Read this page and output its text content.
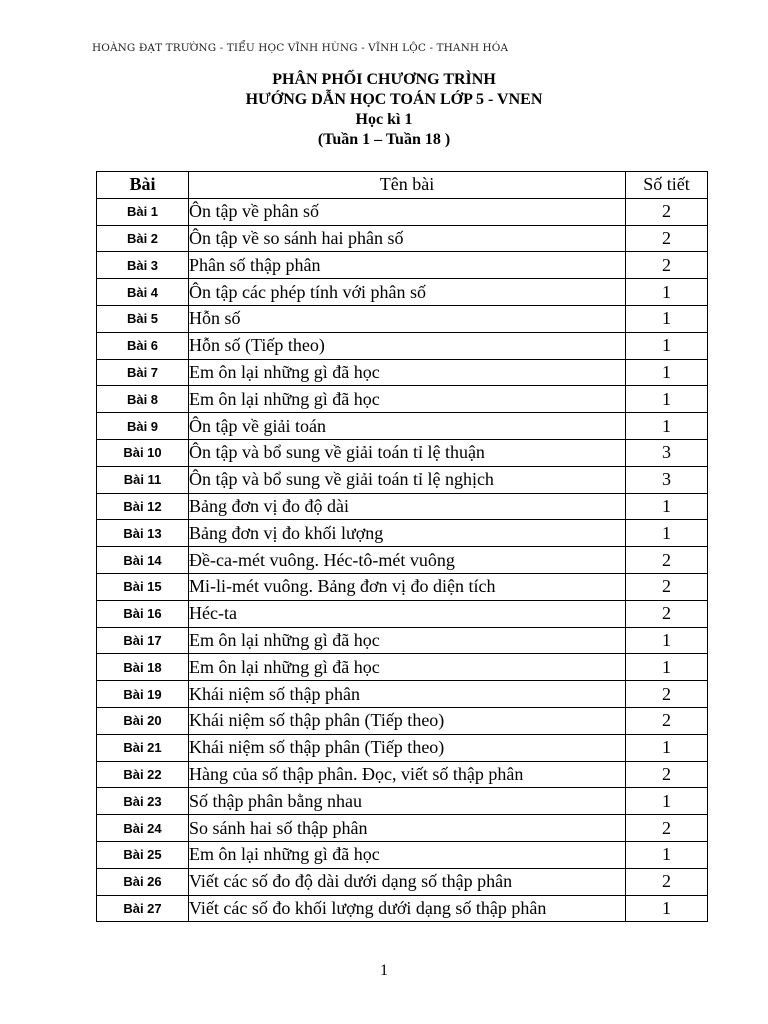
HOÀNG ĐẠT TRƯỜNG - TIỂU HỌC VĨNH HÙNG - VĨNH LỘC - THANH HÓA
PHÂN PHỐI CHƯƠNG TRÌNH
HƯỚNG DẪN HỌC TOÁN LỚP 5 - VNEN
Học kì 1
(Tuần 1 – Tuần 18 )
Bài	Tên bài	Số tiết
Bài 1	Ôn tập về phân số	2
Bài 2	Ôn tập về so sánh hai phân số	2
Bài 3	Phân số thập phân	2
Bài 4	Ôn tập các phép tính với phân số	1
Bài 5	Hỗn số	1
Bài 6	Hỗn số (Tiếp theo)	1
Bài 7	Em ôn lại những gì đã học	1
Bài 8	Em ôn lại những gì đã học	1
Bài 9	Ôn tập về giải toán	1
Bài 10	Ôn tập và bổ sung về giải toán tỉ lệ thuận	3
Bài 11	Ôn tập và bổ sung về giải toán tỉ lệ nghịch	3
Bài 12	Bảng đơn vị đo độ dài	1
Bài 13	Bảng đơn vị đo khối lượng	1
Bài 14	Đề-ca-mét vuông. Héc-tô-mét vuông	2
Bài 15	Mi-li-mét vuông. Bảng đơn vị đo diện tích	2
Bài 16	Héc-ta	2
Bài 17	Em ôn lại những gì đã học	1
Bài 18	Em ôn lại những gì đã học	1
Bài 19	Khái niệm số thập phân	2
Bài 20	Khái niệm số thập phân (Tiếp theo)	2
Bài 21	Khái niệm số thập phân (Tiếp theo)	1
Bài 22	Hàng của số thập phân. Đọc, viết số thập phân	2
Bài 23	Số thập phân bằng nhau	1
Bài 24	So sánh hai số thập phân	2
Bài 25	Em ôn lại những gì đã học	1
Bài 26	Viết các số đo độ dài dưới dạng số thập phân	2
Bài 27	Viết các số đo khối lượng dưới dạng số thập phân	1
1
